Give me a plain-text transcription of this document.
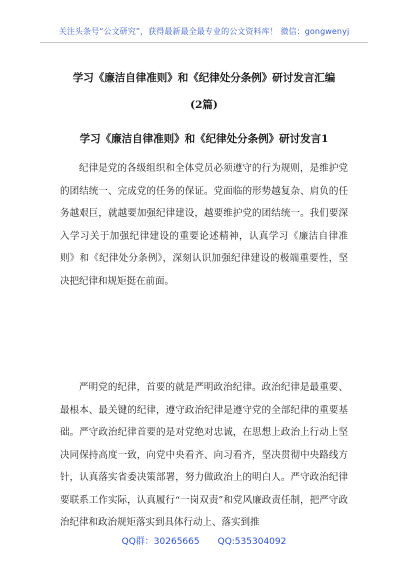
关注头条号“公文研究”，获得最新最全最专业的公文资料库！ 微信：gongwenyj
学习《廉洁自律准则》和《纪律处分条例》研讨发言汇编
(2篇)
学习《廉洁自律准则》和《纪律处分条例》研讨发言1

纪律是党的各级组织和全体党员必须遵守的行为规则，是维护党的团结统一、完成党的任务的保证。党面临的形势越复杂、肩负的任务越艰巨，就越要加强纪律建设，越要维护党的团结统一。我们要深入学习关于加强纪律建设的重要论述精神，认真学习《廉洁自律准则》和《纪律处分条例》，深刻认识加强纪律建设的极端重要性，坚决把纪律和规矩挺在前面。

严明党的纪律，首要的就是严明政治纪律。政治纪律是最重要、最根本、最关键的纪律，遵守政治纪律是遵守党的全部纪律的重要基础。严守政治纪律首要的是对党绝对忠诚，在思想上政治上行动上坚决同保持高度一致，向党中央看齐、向习看齐，坚决贯彻中央路线方针，认真落实省委决策部署，努力做政治上的明白人。严守政治纪律要联系工作实际，认真履行“一岗双责”和党风廉政责任制，把严守政治纪律和政治规矩落实到具体行动上、落实到推

QQ群：30265665 QQ:535304092
